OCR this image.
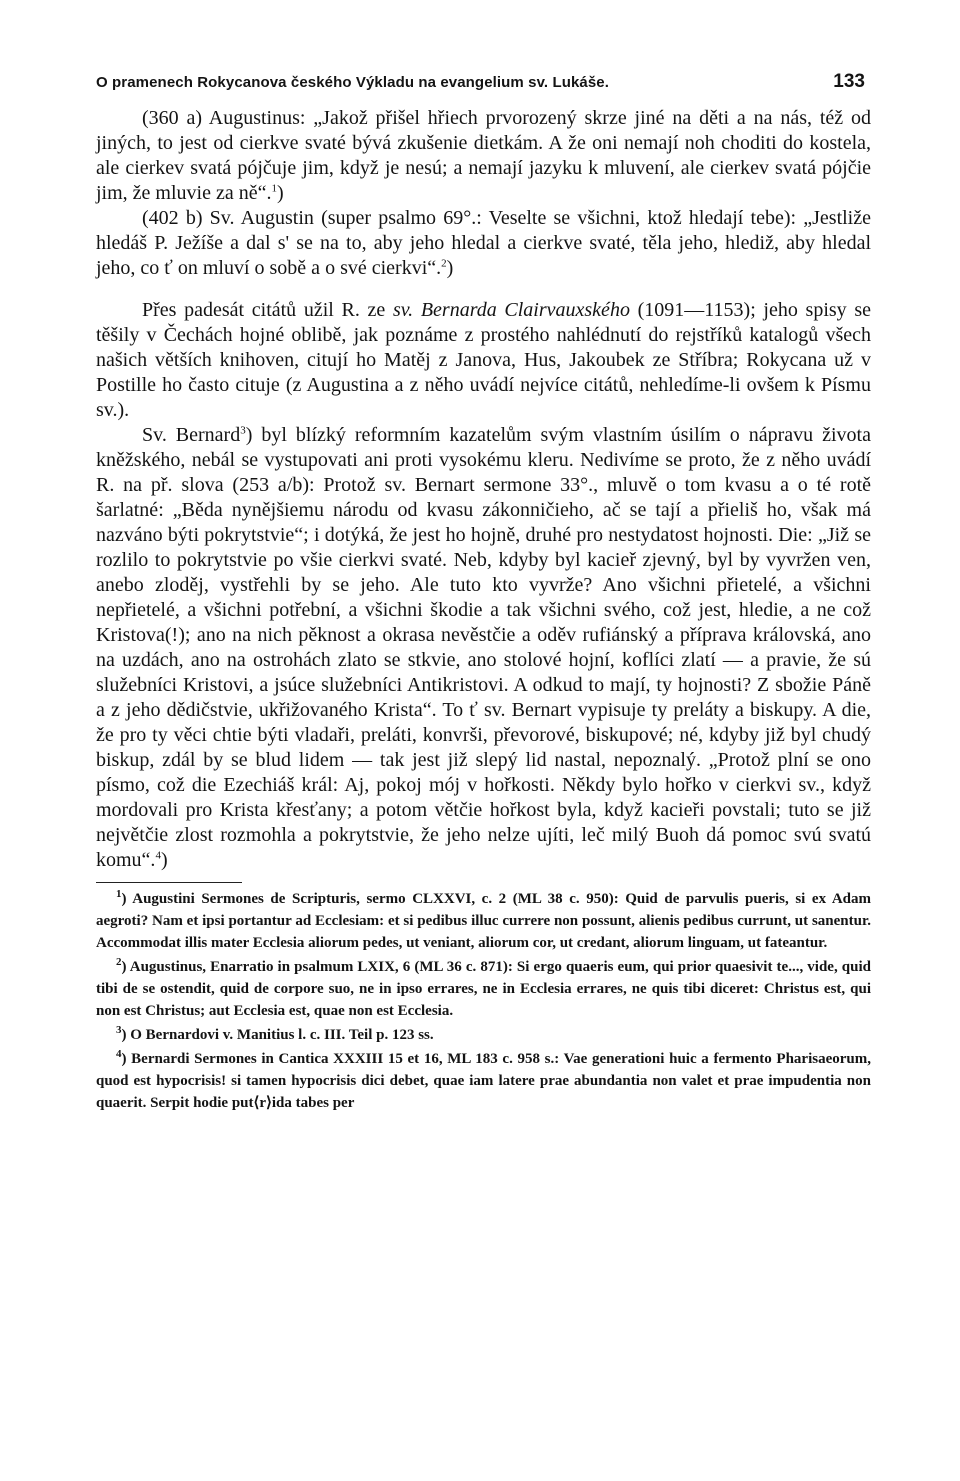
O pramenech Rokycanova českého Výkladu na evangelium sv. Lukáše.	133

(360 a) Augustinus: „Jakož přišel hřiech prvorozený skrze jiné na děti a na nás, též od jiných, to jest od cierkve svaté bývá zkušenie dietkám. A že oni nemají noh choditi do kostela, ale cierkev svatá pójčuje jim, když je nesú; a nemají jazyku k mluvení, ale cierkev svatá pójčie jim, že mluvie za ně“.$^1$)

(402 b) Sv. Augustin (super psalmo 69°.: Veselte se všichni, ktož hledají tebe): „Jestliže hledáš P. Ježíše a dal s' se na to, aby jeho hledal a cierkve svaté, těla jeho, hlediž, aby hledal jeho, co ť on mluví o sobě a o své cierkvi“.$^2$)

Přes padesát citátů užil R. ze sv. Bernarda Clairvauxského (1091—1153); jeho spisy se těšily v Čechách hojné oblibě, jak poznáme z prostého nahlédnutí do rejstříků katalogů všech našich větších knihoven, citují ho Matěj z Janova, Hus, Jakoubek ze Stříbra; Rokycana už v Postille ho často cituje (z Augustina a z něho uvádí nejvíce citátů, nehledíme-li ovšem k Písmu sv.).

Sv. Bernard$^3$) byl blízký reformním kazatelům svým vlastním úsilím o nápravu života kněžského, nebál se vystupovati ani proti vysokému kleru. Nedivíme se proto, že z něho uvádí R. na př. slova (253 a/b): Protož sv. Bernart sermone 33°., mluvě o tom kvasu a o té rotě šarlatné: „Běda nynějšiemu národu od kvasu zákonničieho, ač se tají a přieliš ho, však má nazváno býti pokrytstvie“; i dotýká, že jest ho hojně, druhé pro nestydatost hojnosti. Die: „Již se rozlilo to pokrytstvie po všie cierkvi svaté. Neb, kdyby byl kacieř zjevný, byl by vyvržen ven, anebo zloděj, vystřehli by se jeho. Ale tuto kto vyvrže? Ano všichni přietelé, a všichni nepřietelé, a všichni potřební, a všichni škodie a tak všichni svého, což jest, hledie, a ne což Kristova(!); ano na nich pěknost a okrasa nevěstčie a oděv rufiánský a příprava královská, ano na uzdách, ano na ostrohách zlato se stkvie, ano stolové hojní, koflíci zlatí — a pravie, že sú služebníci Kristovi, a jsúce služebníci Antikristovi. A odkud to mají, ty hojnosti? Z sbožie Páně a z jeho dědičstvie, ukřižovaného Krista“. To ť sv. Bernart vypisuje ty preláty a biskupy. A die, že pro ty věci chtie býti vladaři, preláti, konvrši, převorové, biskupové; né, kdyby již byl chudý biskup, zdál by se blud lidem — tak jest již slepý lid nastal, nepoznalý. „Protož plní se ono písmo, což die Ezechiáš král: Aj, pokoj mój v hořkosti. Někdy bylo hořko v cierkvi sv., když mordovali pro Krista křesťany; a potom větčie hořkost byla, když kacieři povstali; tuto se již největčie zlost rozmohla a pokrytstvie, že jeho nelze ujíti, leč milý Buoh dá pomoc svú svatú komu“.$^4$)

$^1$) Augustini Sermones de Scripturis, sermo CLXXVI, c. 2 (ML 38 c. 950): Quid de parvulis pueris, si ex Adam aegroti? Nam et ipsi portantur ad Ecclesiam: et si pedibus illuc currere non possunt, alienis pedibus currunt, ut sanentur. Accommodat illis mater Ecclesia aliorum pedes, ut veniant, aliorum cor, ut credant, aliorum linguam, ut fateantur.

$^2$) Augustinus, Enarratio in psalmum LXIX, 6 (ML 36 c. 871): Si ergo quaeris eum, qui prior quaesivit te..., vide, quid tibi de se ostendit, quid de corpore suo, ne in ipso errares, ne in Ecclesia errares, ne quis tibi diceret: Christus est, qui non est Christus; aut Ecclesia est, quae non est Ecclesia.

$^3$) O Bernardovi v. Manitius l. c. III. Teil p. 123 ss.

$^4$) Bernardi Sermones in Cantica XXXIII 15 et 16, ML 183 c. 958 s.: Vae generationi huic a fermento Pharisaeorum, quod est hypocrisis! si tamen hypocrisis dici debet, quae iam latere prae abundantia non valet et prae impudentia non quaerit. Serpit hodie put⟨r⟩ida tabes per
